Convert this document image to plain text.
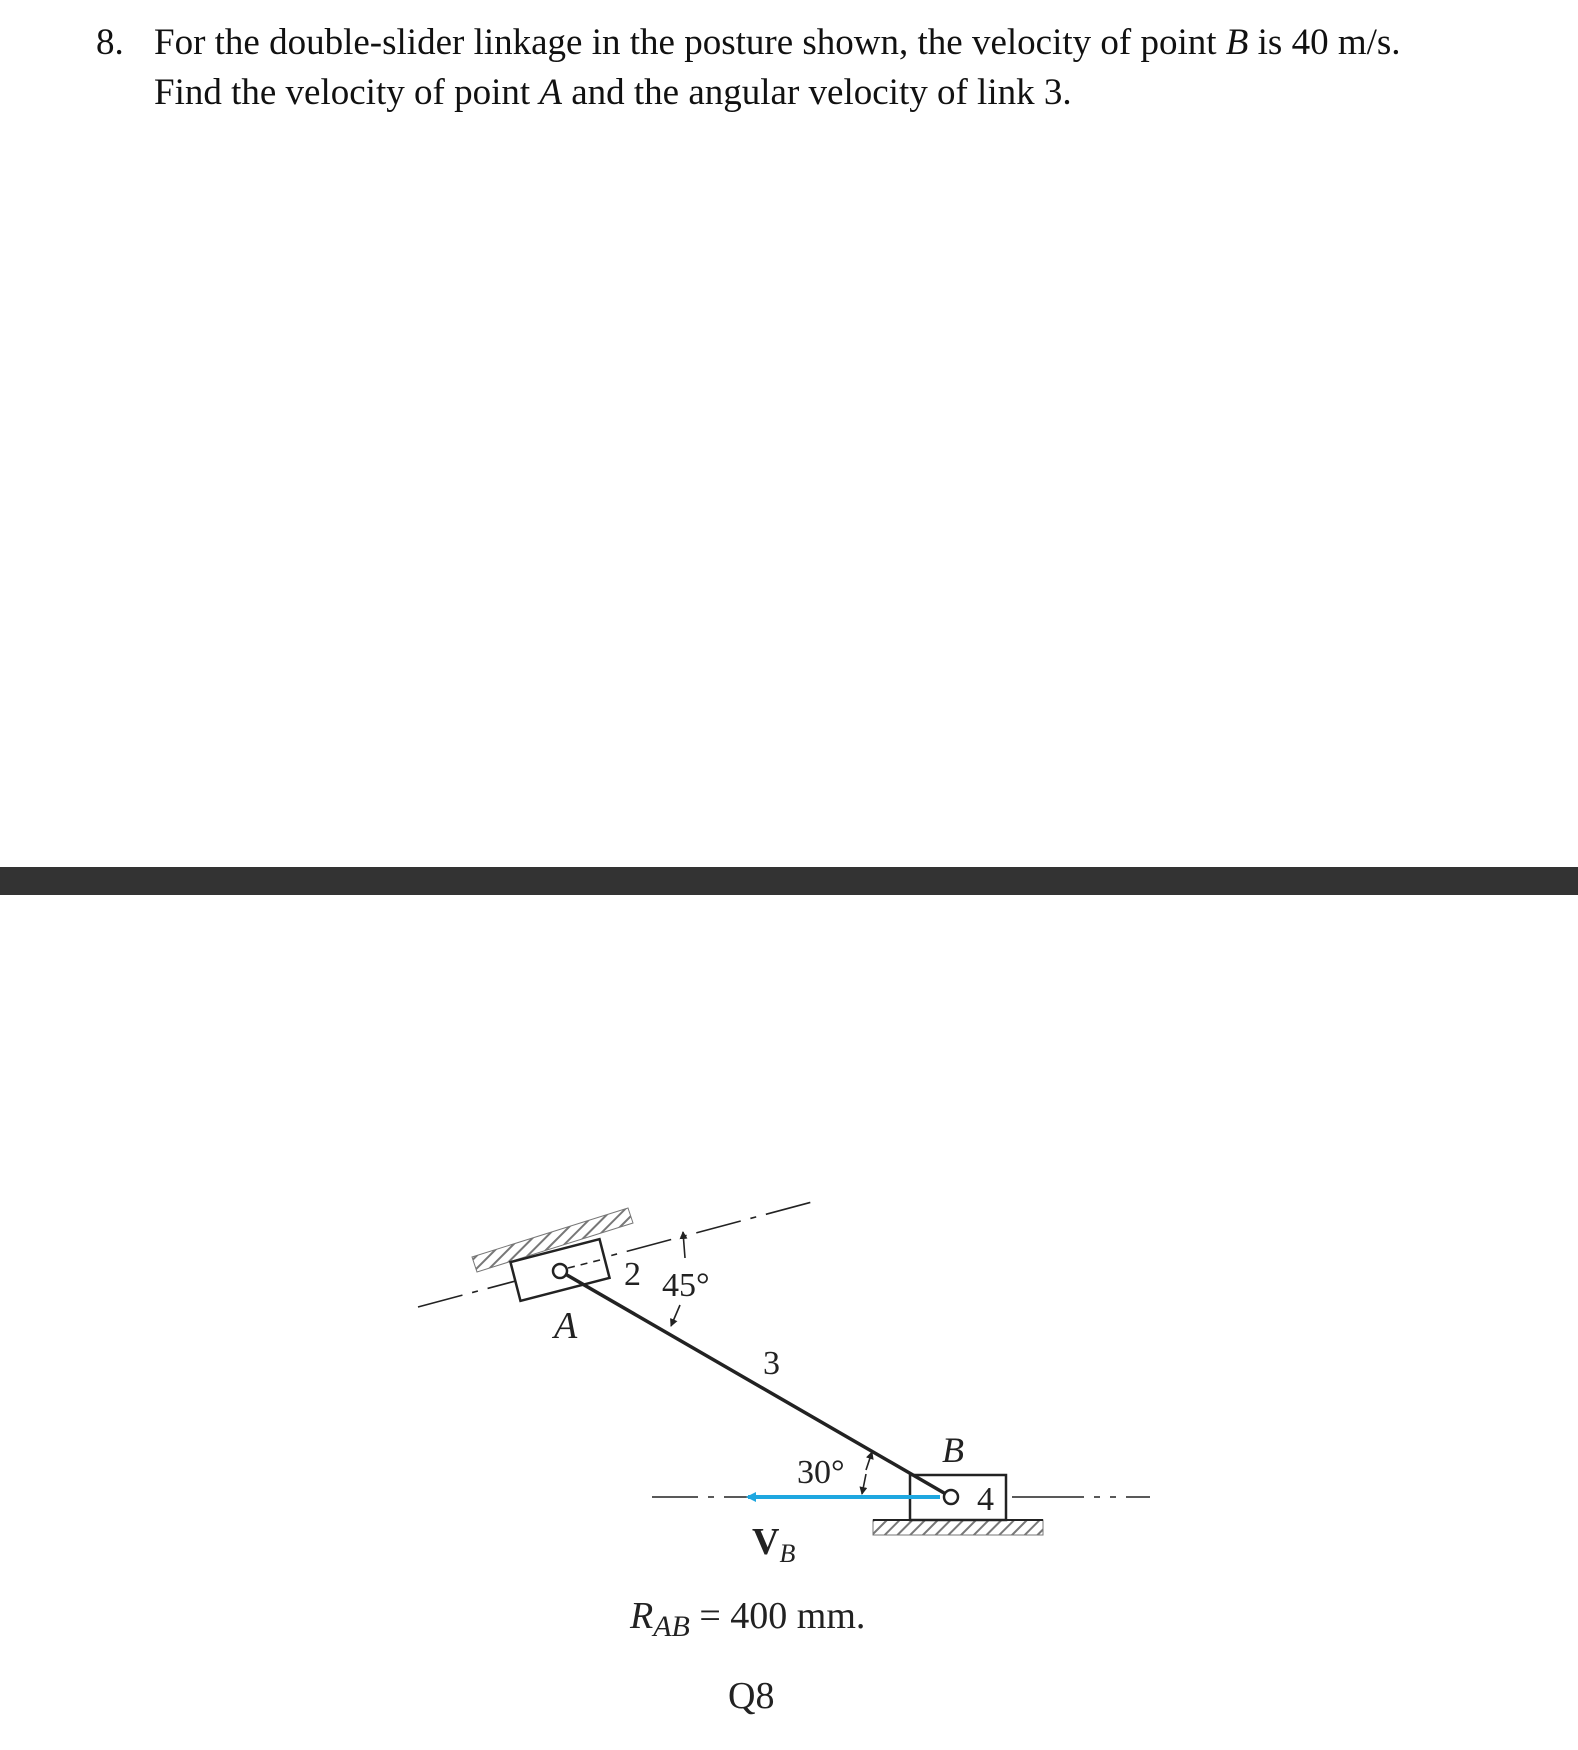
8. For the double-slider linkage in the posture shown, the velocity of point B is 40 m/s.
Find the velocity of point A and the angular velocity of link 3.
2 45°
A
3
B
30°
4
$V_B$
$R_{AB} = 400$ mm.
Q8
